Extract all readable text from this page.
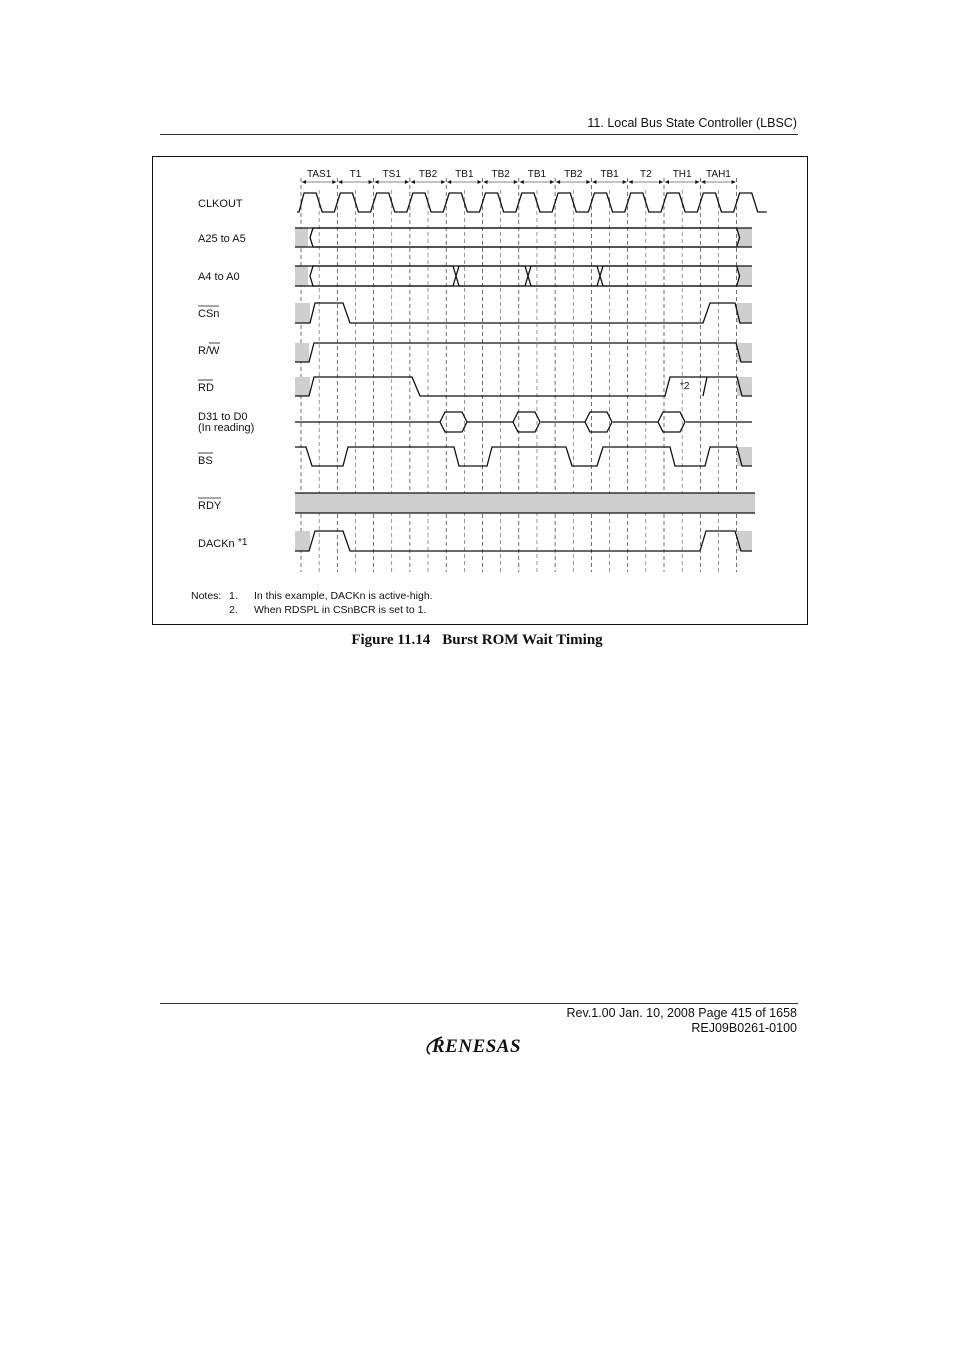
11. Local Bus State Controller (LBSC)
TAS1 T1 TS1 TB2 TB1 TB2 TB1 TB2 TB1 T2 TH1 TAH1
CLKOUT
A25 to A5
A4 to A0
CSn
R/W
RD
D31 to D0
(In reading)
BS
RDY
DACKn *1
*2
Notes: 1. In this example, DACKn is active-high.
2. When RDSPL in CSnBCR is set to 1.
Figure 11.14 Burst ROM Wait Timing
Rev.1.00 Jan. 10, 2008 Page 415 of 1658
REJ09B0261-0100
RENESAS
